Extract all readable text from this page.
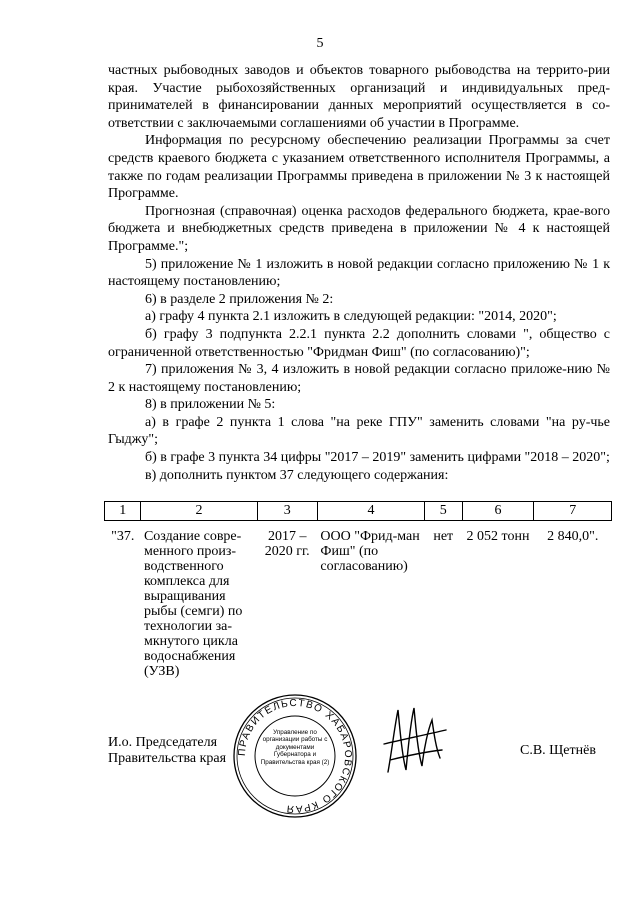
5

частных рыбоводных заводов и объектов товарного рыбоводства на террито-рии края. Участие рыбохозяйственных организаций и индивидуальных пред-принимателей в финансировании данных мероприятий осуществляется в со-ответствии с заключаемыми соглашениями об участии в Программе.

Информация по ресурсному обеспечению реализации Программы за счет средств краевого бюджета с указанием ответственного исполнителя Программы, а также по годам реализации Программы приведена в приложении № 3 к настоящей Программе.

Прогнозная (справочная) оценка расходов федерального бюджета, крае-вого бюджета и внебюджетных средств приведена в приложении № 4 к настоящей Программе.";

5) приложение № 1 изложить в новой редакции согласно приложению № 1 к настоящему постановлению;

6) в разделе 2 приложения № 2:

а) графу 4 пункта 2.1 изложить в следующей редакции: "2014, 2020";

б) графу 3 подпункта 2.2.1 пункта 2.2 дополнить словами ", общество с ограниченной ответственностью "Фридман Фиш" (по согласованию)";

7) приложения № 3, 4 изложить в новой редакции согласно приложе-нию № 2 к настоящему постановлению;

8) в приложении № 5:

а) в графе 2 пункта 1 слова "на реке ГПУ" заменить словами "на ру-чье Гыджу";

б) в графе 3 пункта 34 цифры "2017 – 2019" заменить цифрами "2018 – 2020";

в) дополнить пунктом 37 следующего содержания:

1	2	3	4	5	6	7
"37.	Создание совре-менного произ-водственного комплекса для выращивания рыбы (семги) по технологии за-мкнутого цикла водоснабжения (УЗВ)	2017 – 2020 гг.	ООО "Фрид-ман Фиш" (по согласованию)	нет	2 052 тонн	2 840,0".
И.о. Председателя
Правительства края ПРАВИТЕЛЬСТВО ХАБАРОВСКОГО КРАЯ
Управление по организации работы с документами Губернатора и Правительства края (2)
С.В. Щетнёв
